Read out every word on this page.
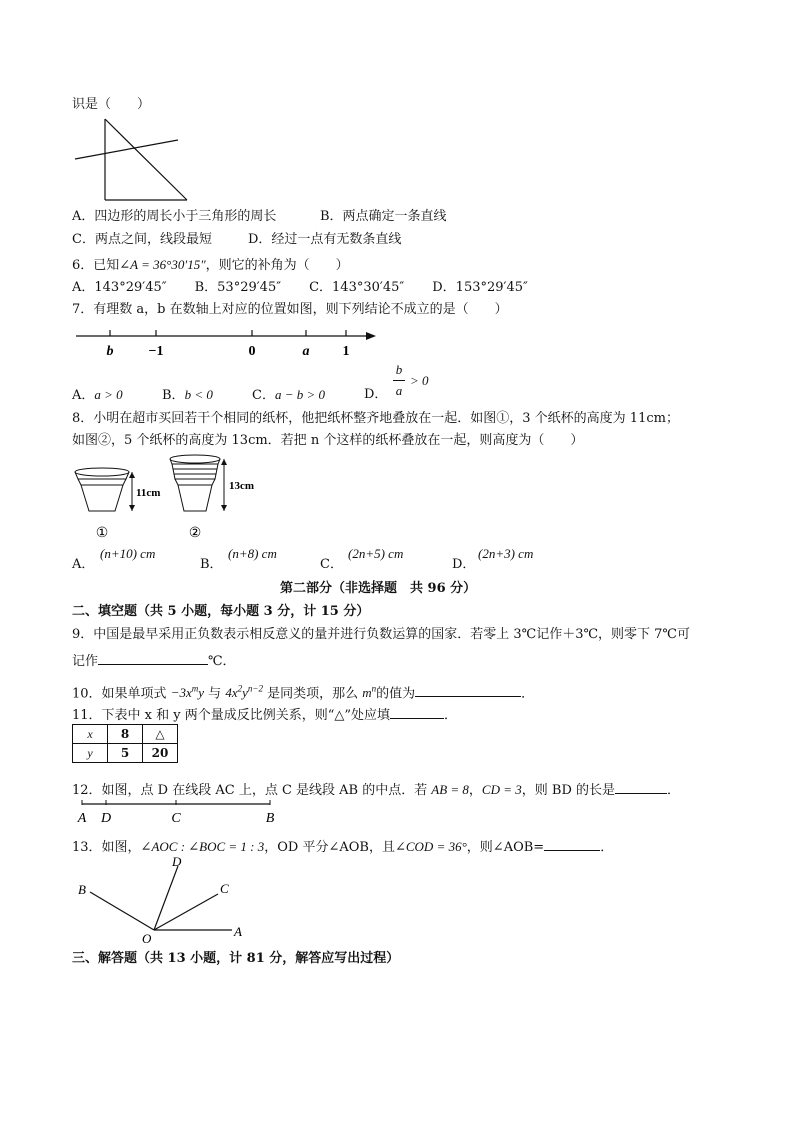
识是（　　）
A．四边形的周长小于三角形的周长	B．两点确定一条直线
C．两点之间，线段最短	D．经过一点有无数条直线
6．已知∠A = 36°30′15″，则它的补角为（　　）
A．143°29′45″ B．53°29′45″ C．143°30′45″ D．153°29′45″
7．有理数 a，b 在数轴上对应的位置如图，则下列结论不成立的是（　　）
b	−1	0	a 1
A．a > 0	B．b < 0	C．a − b > 0	D．
b
a
> 0
8．小明在超市买回若干个相同的纸杯，他把纸杯整齐地叠放在一起．如图①，3 个纸杯的高度为 11cm；
如图②，5 个纸杯的高度为 13cm．若把 n 个这样的纸杯叠放在一起，则高度为（　　）
11cm
①
13cm
②
A．
(n+10) cm
B．
(n+8) cm
C．
(2n+5) cm
D．
(2n+3) cm
第二部分（非选择题　共 96 分）
二、填空题（共 5 小题，每小题 3 分，计 15 分）
9．中国是最早采用正负数表示相反意义的量并进行负数运算的国家．若零上 3℃记作＋3℃，则零下 7℃可
记作	℃．
10．如果单项式 $-3x^my$ 与 $4x^2y^{n-2}$ 是同类项，那么 $m^n$的值为	．
11．下表中 x 和 y 两个量成反比例关系，则“△”处应填	．
x	8	△
y	5	20
12．如图，点 D 在线段 AC 上，点 C 是线段 AB 的中点．若 AB = 8，CD = 3，则 BD 的长是	．
A D	C	B
13．如图，∠AOC : ∠BOC = 1 : 3，OD 平分∠AOB，且∠COD = 36°，则∠AOB=	．
D
B	C
O	A
三、解答题（共 13 小题，计 81 分，解答应写出过程）
